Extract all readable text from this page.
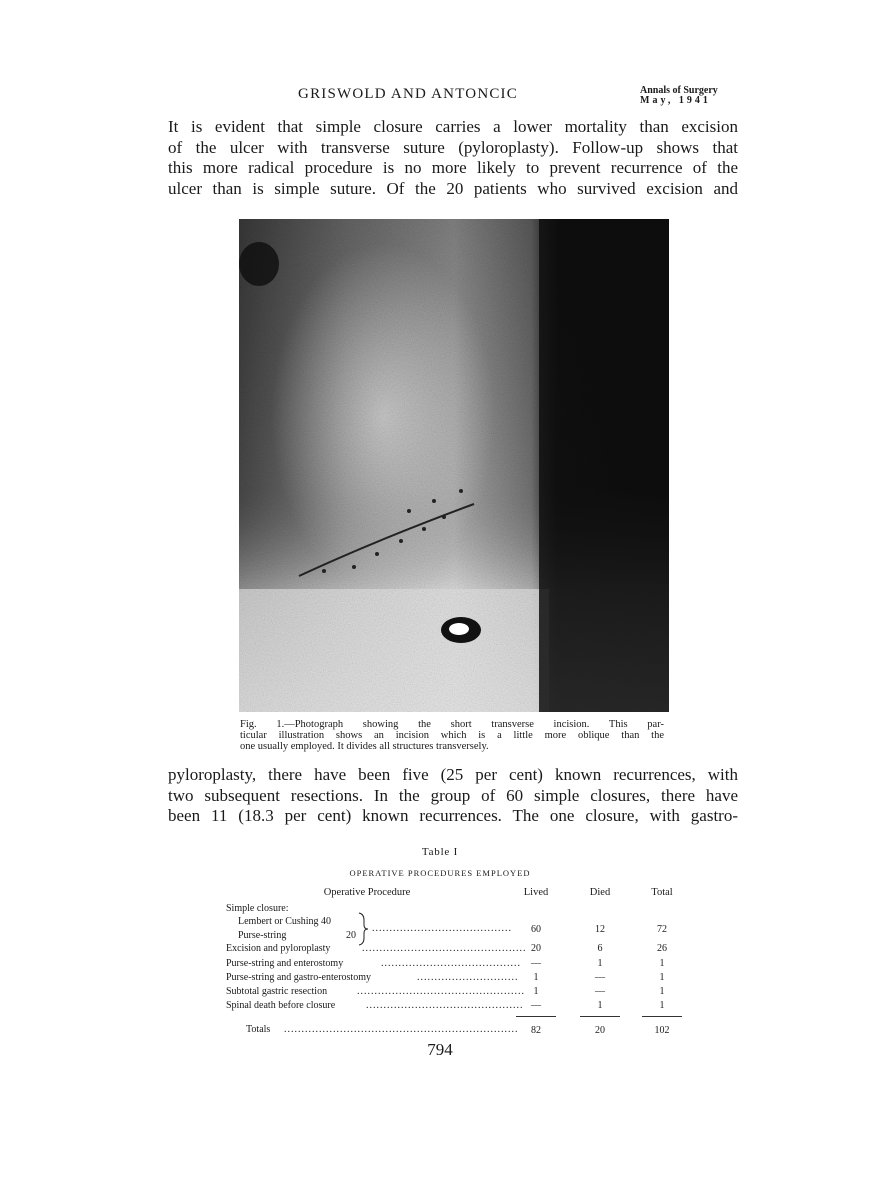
GRISWOLD AND ANTONCIC	Annals of Surgery
May, 1941
It is evident that simple closure carries a lower mortality than excision
of the ulcer with transverse suture (pyloroplasty). Follow-up shows that
this more radical procedure is no more likely to prevent recurrence of the
ulcer than is simple suture. Of the 20 patients who survived excision and
Fig. 1.—Photograph showing the short transverse incision. This par-
ticular illustration shows an incision which is a little more oblique than the
one usually employed. It divides all structures transversely.
pyloroplasty, there have been five (25 per cent) known recurrences, with
two subsequent resections. In the group of 60 simple closures, there have
been 11 (18.3 per cent) known recurrences. The one closure, with gastro-
Table I
OPERATIVE PROCEDURES EMPLOYED
Operative Procedure	Lived	Died	Total
Simple closure:
Lembert or Cushing 40
Purse-string	20
........................................	60	12	72
Excision and pyloroplasty	............................................... 20	6	26
Purse-string and enterostomy	........................................	—	1	1
Purse-string and gastro-enterostomy	.............................	1	—	1
Subtotal gastric resection	................................................ 1	—	1
Spinal death before closure	............................................. —	1	1
Totals ...................................................................	82	20	102
794
